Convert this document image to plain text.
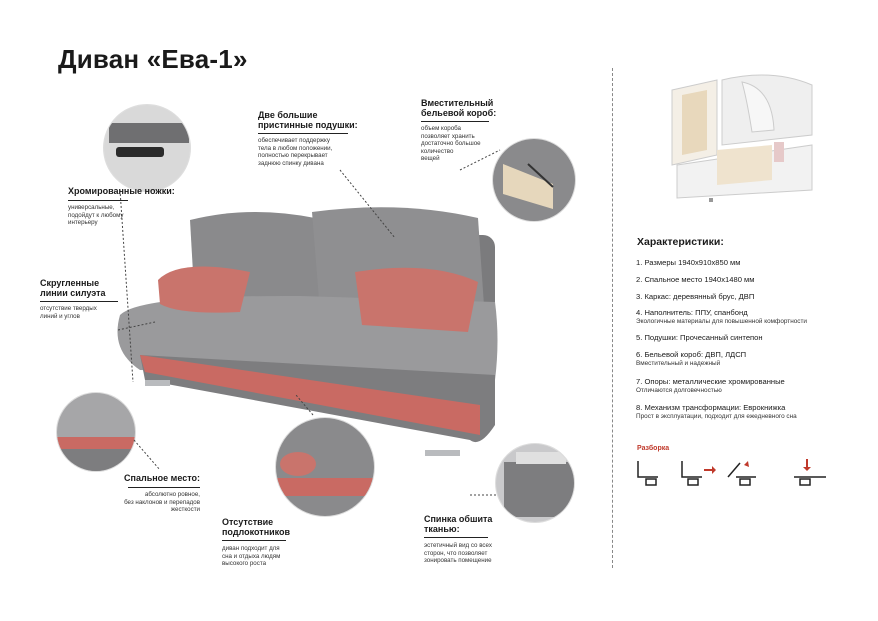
Диван «Ева-1»
Хромированные ножки:
универсальные,
подойдут к любому
интерьеру
Две большие
пристинные подушки:
обеспечивает поддержку
тела в любом положении,
полностью перекрывает
заднюю спинку дивана
Вместительный
бельевой короб:
объем короба
позволяет хранить
достаточно большое
количество
вещей
Скругленные
линии силуэта
отсутствие твердых
линий и углов
Спальное место:
абсолютно ровное,
без наклонов и перепадов
жесткости
Отсутствие
подлокотников
диван подходит для
сна и отдыха людям
высокого роста
Спинка обшита
тканью:
эстетичный вид со всех
сторон, что позволяет
зонировать помещение
Характеристики:
1. Размеры 1940х910х850 мм
2. Спальное место 1940х1480 мм
3. Каркас: деревянный брус, ДВП
4. Наполнитель: ППУ, спанбонд
Экологичные материалы для повышенной комфортности
5. Подушки: Прочесанный синтепон
6. Бельевой короб: ДВП, ЛДСП
Вместительный и надежный
7. Опоры: металлические хромированные
Отличаются долговечностью
8. Механизм трансформации: Еврокнижка
Прост в эксплуатации, подходит для ежедневного сна
Разборка
